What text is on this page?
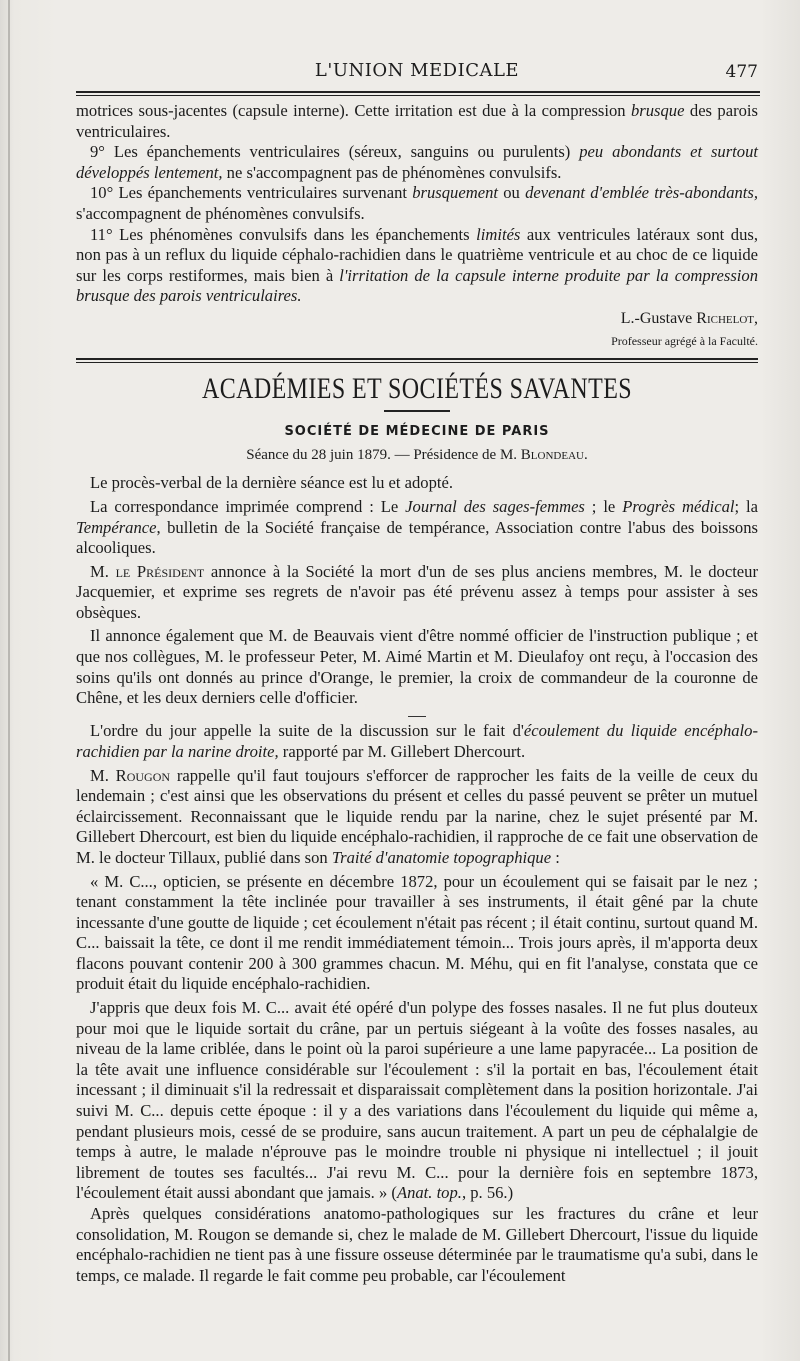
L'UNION MEDICALE	477

motrices sous-jacentes (capsule interne). Cette irritation est due à la compression brusque des parois ventriculaires.

9° Les épanchements ventriculaires (séreux, sanguins ou purulents) peu abondants et surtout développés lentement, ne s'accompagnent pas de phénomènes convulsifs.

10° Les épanchements ventriculaires survenant brusquement ou devenant d'emblée très-abondants, s'accompagnent de phénomènes convulsifs.

11° Les phénomènes convulsifs dans les épanchements limités aux ventricules latéraux sont dus, non pas à un reflux du liquide céphalo-rachidien dans le quatrième ventricule et au choc de ce liquide sur les corps restiformes, mais bien à l'irritation de la capsule interne produite par la compression brusque des parois ventriculaires.

L.-Gustave Richelot,

Professeur agrégé à la Faculté.

ACADÉMIES ET SOCIÉTÉS SAVANTES

SOCIÉTÉ DE MÉDECINE DE PARIS

Séance du 28 juin 1879. — Présidence de M. Blondeau.

Le procès-verbal de la dernière séance est lu et adopté.

La correspondance imprimée comprend : Le Journal des sages-femmes ; le Progrès médical; la Tempérance, bulletin de la Société française de tempérance, Association contre l'abus des boissons alcooliques.

M. le Président annonce à la Société la mort d'un de ses plus anciens membres, M. le docteur Jacquemier, et exprime ses regrets de n'avoir pas été prévenu assez à temps pour assister à ses obsèques.

Il annonce également que M. de Beauvais vient d'être nommé officier de l'instruction publique ; et que nos collègues, M. le professeur Peter, M. Aimé Martin et M. Dieulafoy ont reçu, à l'occasion des soins qu'ils ont donnés au prince d'Orange, le premier, la croix de commandeur de la couronne de Chêne, et les deux derniers celle d'officier.

L'ordre du jour appelle la suite de la discussion sur le fait d'écoulement du liquide encéphalo-rachidien par la narine droite, rapporté par M. Gillebert Dhercourt.

M. Rougon rappelle qu'il faut toujours s'efforcer de rapprocher les faits de la veille de ceux du lendemain ; c'est ainsi que les observations du présent et celles du passé peuvent se prêter un mutuel éclaircissement. Reconnaissant que le liquide rendu par la narine, chez le sujet présenté par M. Gillebert Dhercourt, est bien du liquide encéphalo-rachidien, il rapproche de ce fait une observation de M. le docteur Tillaux, publié dans son Traité d'anatomie topographique :

« M. C..., opticien, se présente en décembre 1872, pour un écoulement qui se faisait par le nez ; tenant constamment la tête inclinée pour travailler à ses instruments, il était gêné par la chute incessante d'une goutte de liquide ; cet écoulement n'était pas récent ; il était continu, surtout quand M. C... baissait la tête, ce dont il me rendit immédiatement témoin... Trois jours après, il m'apporta deux flacons pouvant contenir 200 à 300 grammes chacun. M. Méhu, qui en fit l'analyse, constata que ce produit était du liquide encéphalo-rachidien.

J'appris que deux fois M. C... avait été opéré d'un polype des fosses nasales. Il ne fut plus douteux pour moi que le liquide sortait du crâne, par un pertuis siégeant à la voûte des fosses nasales, au niveau de la lame criblée, dans le point où la paroi supérieure a une lame papyracée... La position de la tête avait une influence considérable sur l'écoulement : s'il la portait en bas, l'écoulement était incessant ; il diminuait s'il la redressait et disparaissait complètement dans la position horizontale. J'ai suivi M. C... depuis cette époque : il y a des variations dans l'écoulement du liquide qui même a, pendant plusieurs mois, cessé de se produire, sans aucun traitement. A part un peu de céphalalgie de temps à autre, le malade n'éprouve pas le moindre trouble ni physique ni intellectuel ; il jouit librement de toutes ses facultés... J'ai revu M. C... pour la dernière fois en septembre 1873, l'écoulement était aussi abondant que jamais. » (Anat. top., p. 56.)

Après quelques considérations anatomo-pathologiques sur les fractures du crâne et leur consolidation, M. Rougon se demande si, chez le malade de M. Gillebert Dhercourt, l'issue du liquide encéphalo-rachidien ne tient pas à une fissure osseuse déterminée par le traumatisme qu'a subi, dans le temps, ce malade. Il regarde le fait comme peu probable, car l'écoulement
